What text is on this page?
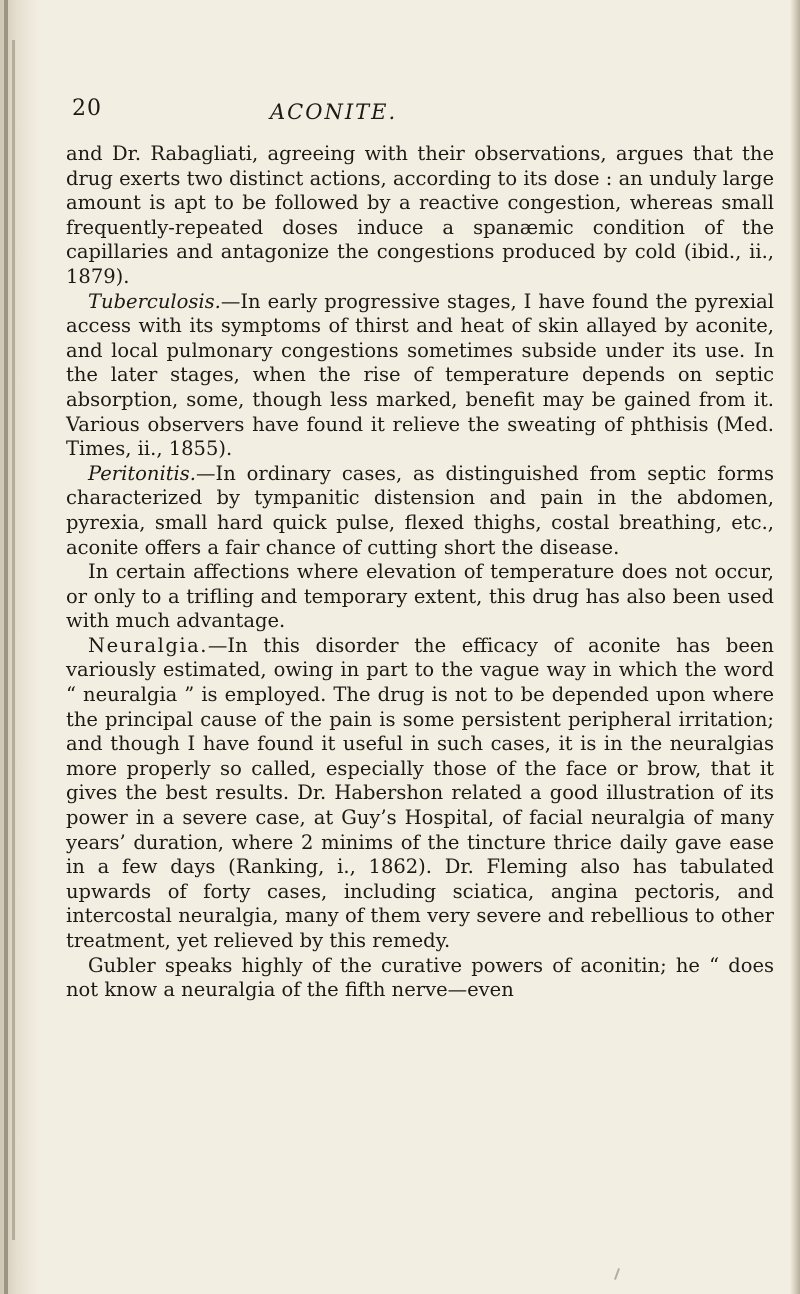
20	ACONITE.

and Dr. Rabagliati, agreeing with their observations, argues that the drug exerts two distinct actions, according to its dose : an unduly large amount is apt to be followed by a reactive congestion, whereas small frequently-repeated doses induce a spanæmic condition of the capillaries and antagonize the congestions produced by cold (ibid., ii., 1879).

Tuberculosis.—In early progressive stages, I have found the pyrexial access with its symptoms of thirst and heat of skin allayed by aconite, and local pulmonary congestions sometimes subside under its use. In the later stages, when the rise of temperature depends on septic absorption, some, though less marked, benefit may be gained from it. Various observers have found it relieve the sweating of phthisis (Med. Times, ii., 1855).

Peritonitis.—In ordinary cases, as distinguished from septic forms characterized by tympanitic distension and pain in the abdomen, pyrexia, small hard quick pulse, flexed thighs, costal breathing, etc., aconite offers a fair chance of cutting short the disease.

In certain affections where elevation of temperature does not occur, or only to a trifling and temporary extent, this drug has also been used with much advantage.

Neuralgia.—In this disorder the efficacy of aconite has been variously estimated, owing in part to the vague way in which the word “ neuralgia ” is employed. The drug is not to be depended upon where the principal cause of the pain is some persistent peripheral irritation; and though I have found it useful in such cases, it is in the neuralgias more properly so called, especially those of the face or brow, that it gives the best results. Dr. Habershon related a good illustration of its power in a severe case, at Guy’s Hospital, of facial neuralgia of many years’ duration, where 2 minims of the tincture thrice daily gave ease in a few days (Ranking, i., 1862). Dr. Fleming also has tabulated upwards of forty cases, including sciatica, angina pectoris, and intercostal neuralgia, many of them very severe and rebellious to other treatment, yet relieved by this remedy.

Gubler speaks highly of the curative powers of aconitin; he “ does not know a neuralgia of the fifth nerve—even
